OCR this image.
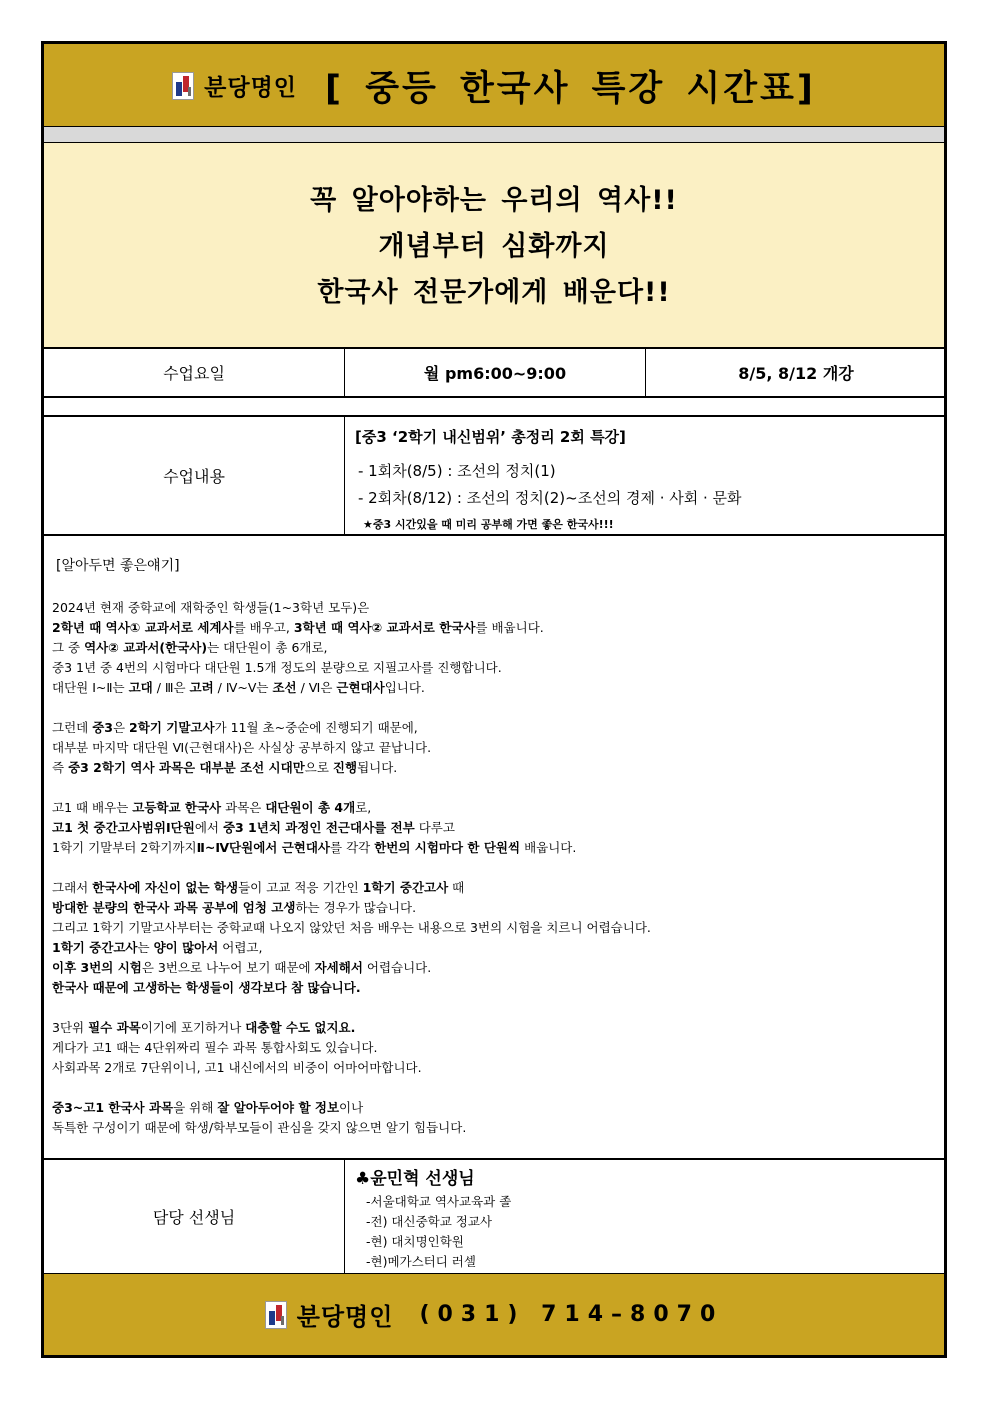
분당명인 [ 중등 한국사 특강 시간표]
꼭 알아야하는 우리의 역사!!
개념부터 심화까지
한국사 전문가에게 배운다!!
수업요일	월 pm6:00~9:00	8/5, 8/12 개강
수업내용
[중3 ‘2학기 내신범위’ 총정리 2회 특강]
- 1회차(8/5) : 조선의 정치(1)
- 2회차(8/12) : 조선의 정치(2)~조선의 경제 · 사회 · 문화
★중3 시간있을 때 미리 공부해 가면 좋은 한국사!!!
[알아두면 좋은얘기]

2024년 현재 중학교에 재학중인 학생들(1~3학년 모두)은

2학년 때 역사① 교과서로 세계사를 배우고, 3학년 때 역사② 교과서로 한국사를 배웁니다.

그 중 역사② 교과서(한국사)는 대단원이 총 6개로,

중3 1년 중 4번의 시험마다 대단원 1.5개 정도의 분량으로 지필고사를 진행합니다.

대단원 Ⅰ~Ⅱ는 고대 / Ⅲ은 고려 / Ⅳ~Ⅴ는 조선 / Ⅵ은 근현대사입니다.

그런데 중3은 2학기 기말고사가 11월 초~중순에 진행되기 때문에,

대부분 마지막 대단원 Ⅵ(근현대사)은 사실상 공부하지 않고 끝납니다.

즉 중3 2학기 역사 과목은 대부분 조선 시대만으로 진행됩니다.

고1 때 배우는 고등학교 한국사 과목은 대단원이 총 4개로,

고1 첫 중간고사범위Ⅰ단원에서 중3 1년치 과정인 전근대사를 전부 다루고

1학기 기말부터 2학기까지Ⅱ~Ⅳ단원에서 근현대사를 각각 한번의 시험마다 한 단원씩 배웁니다.

그래서 한국사에 자신이 없는 학생들이 고교 적응 기간인 1학기 중간고사 때

방대한 분량의 한국사 과목 공부에 엄청 고생하는 경우가 많습니다.

그리고 1학기 기말고사부터는 중학교때 나오지 않았던 처음 배우는 내용으로 3번의 시험을 치르니 어렵습니다.

1학기 중간고사는 양이 많아서 어렵고,

이후 3번의 시험은 3번으로 나누어 보기 때문에 자세해서 어렵습니다.

한국사 때문에 고생하는 학생들이 생각보다 참 많습니다.

3단위 필수 과목이기에 포기하거나 대충할 수도 없지요.

게다가 고1 때는 4단위짜리 필수 과목 통합사회도 있습니다.

사회과목 2개로 7단위이니, 고1 내신에서의 비중이 어마어마합니다.

중3~고1 한국사 과목을 위해 잘 알아두어야 할 정보이나

독특한 구성이기 때문에 학생/학부모들이 관심을 갖지 않으면 알기 힘듭니다.

담당 선생님
♣윤민혁 선생님
-서울대학교 역사교육과 졸
-전) 대신중학교 정교사
-현) 대치명인학원
-현)메가스터디 러셀
분당명인 (031) 714–8070
